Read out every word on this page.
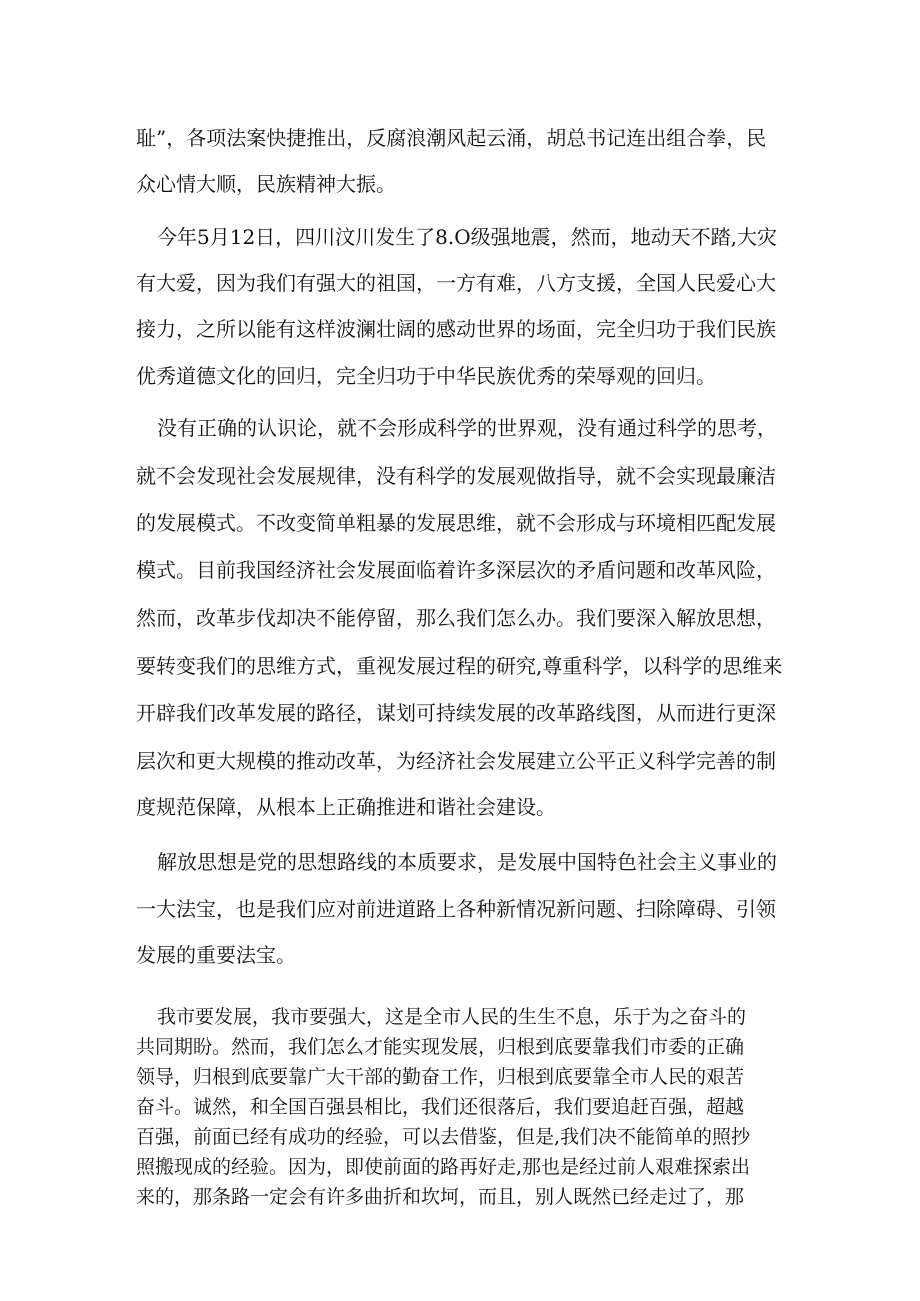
耻”，各项法案快捷推出，反腐浪潮风起云涌，胡总书记连出组合拳，民

众心情大顺，民族精神大振。

今年5月12日，四川汶川发生了8.O级强地震，然而，地动天不踏,大灾

有大爱，因为我们有强大的祖国，一方有难，八方支援，全国人民爱心大

接力，之所以能有这样波澜壮阔的感动世界的场面，完全归功于我们民族

优秀道德文化的回归，完全归功于中华民族优秀的荣辱观的回归。

没有正确的认识论，就不会形成科学的世界观，没有通过科学的思考，

就不会发现社会发展规律，没有科学的发展观做指导，就不会实现最廉洁

的发展模式。不改变简单粗暴的发展思维，就不会形成与环境相匹配发展

模式。目前我国经济社会发展面临着许多深层次的矛盾问题和改革风险，

然而，改革步伐却决不能停留，那么我们怎么办。我们要深入解放思想，

要转变我们的思维方式，重视发展过程的研究,尊重科学，以科学的思维来

开辟我们改革发展的路径，谋划可持续发展的改革路线图，从而进行更深

层次和更大规模的推动改革，为经济社会发展建立公平正义科学完善的制

度规范保障，从根本上正确推进和谐社会建设。

解放思想是党的思想路线的本质要求，是发展中国特色社会主义事业的

一大法宝，也是我们应对前进道路上各种新情况新问题、扫除障碍、引领

发展的重要法宝。

我市要发展，我市要强大，这是全市人民的生生不息，乐于为之奋斗的

共同期盼。然而，我们怎么才能实现发展，归根到底要靠我们市委的正确

领导，归根到底要靠广大干部的勤奋工作，归根到底要靠全市人民的艰苦

奋斗。诚然，和全国百强县相比，我们还很落后，我们要追赶百强，超越

百强，前面已经有成功的经验，可以去借鉴，但是,我们决不能简单的照抄

照搬现成的经验。因为，即使前面的路再好走,那也是经过前人艰难探索出

来的，那条路一定会有许多曲折和坎坷，而且，别人既然已经走过了，那
